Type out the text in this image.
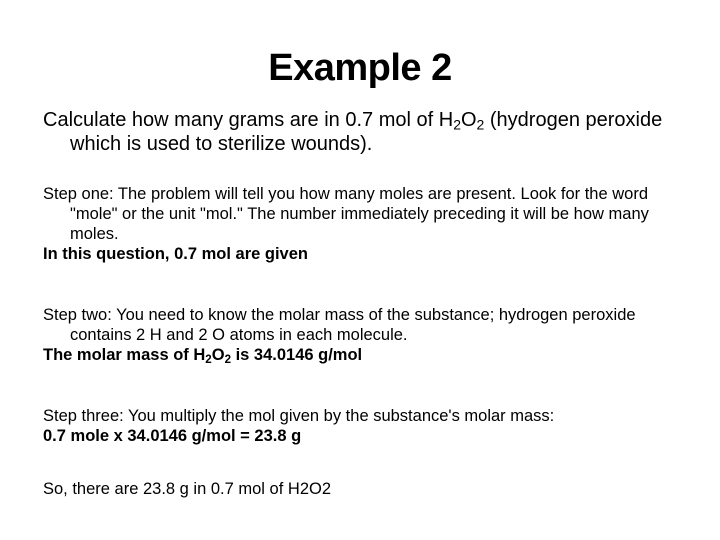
Example 2

Calculate how many grams are in 0.7 mol of $H_2O_2$ (hydrogen peroxide which is used to sterilize wounds).

Step one: The problem will tell you how many moles are present. Look for the word "mole" or the unit "mol." The number immediately preceding it will be how many moles.
In this question, 0.7 mol are given

Step two: You need to know the molar mass of the substance; hydrogen peroxide contains 2 H and 2 O atoms in each molecule.
The molar mass of $H_2O_2$ is 34.0146 g/mol

Step three: You multiply the mol given by the substance's molar mass:
0.7 mole x 34.0146 g/mol = 23.8 g

So, there are 23.8 g in 0.7 mol of H2O2
